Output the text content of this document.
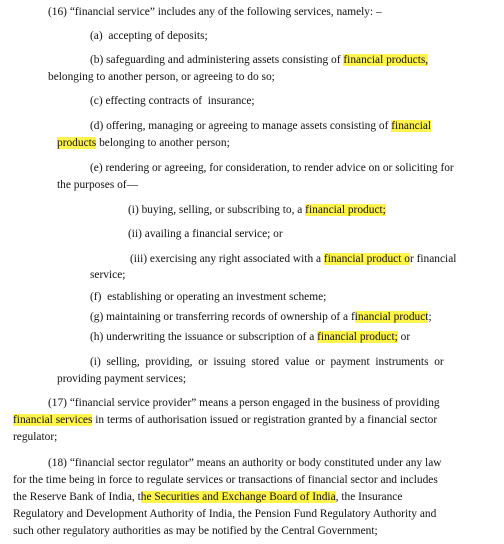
(16) “financial service” includes any of the following services, namely: –
(a)  accepting of deposits;
(b) safeguarding and administering assets consisting of financial products,
belonging to another person, or agreeing to do so;
(c) effecting contracts of  insurance;
(d) offering, managing or agreeing to manage assets consisting of financial
products belonging to another person;
(e) rendering or agreeing, for consideration, to render advice on or soliciting for
the purposes of—
(i) buying, selling, or subscribing to, a financial product;
(ii) availing a financial service; or
(iii) exercising any right associated with a financial product or financial
service;
(f)  establishing or operating an investment scheme;
(g) maintaining or transferring records of ownership of a financial product;
(h) underwriting the issuance or subscription of a financial product; or
(i)  selling,  providing,  or  issuing  stored  value  or  payment  instruments  or
providing payment services;
(17) “financial service provider” means a person engaged in the business of providing
financial services in terms of authorisation issued or registration granted by a financial sector
regulator;
(18) “financial sector regulator” means an authority or body constituted under any law
for the time being in force to regulate services or transactions of financial sector and includes
the Reserve Bank of India, the Securities and Exchange Board of India, the Insurance
Regulatory and Development Authority of India, the Pension Fund Regulatory Authority and
such other regulatory authorities as may be notified by the Central Government;
